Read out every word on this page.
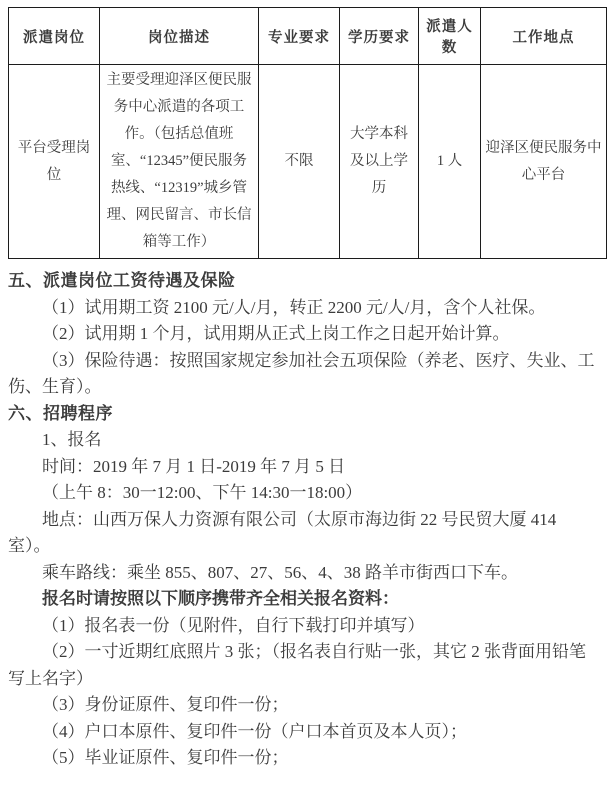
派遣岗位	岗位描述	专业要求	学历要求	派遣人数	工作地点
平台受理岗位	主要受理迎泽区便民服务中心派遣的各项工作。（包括总值班室、“12345”便民服务热线、“12319”城乡管理、网民留言、市长信箱等工作）	不限	大学本科及以上学历	1 人	迎泽区便民服务中心平台

五、派遣岗位工资待遇及保险

（1）试用期工资 2100 元/人/月，转正 2200 元/人/月，含个人社保。

（2）试用期 1 个月，试用期从正式上岗工作之日起开始计算。

（3）保险待遇：按照国家规定参加社会五项保险（养老、医疗、失业、工伤、生育）。

六、招聘程序

1、报名

时间：2019 年 7 月 1 日-2019 年 7 月 5 日

（上午 8：30一12:00、下午 14:30一18:00）

地点：山西万保人力资源有限公司（太原市海边街 22 号民贸大厦 414 室）。

乘车路线：乘坐 855、807、27、56、4、38 路羊市街西口下车。

报名时请按照以下顺序携带齐全相关报名资料：

（1）报名表一份（见附件，自行下载打印并填写）

（2）一寸近期红底照片 3 张；（报名表自行贴一张，其它 2 张背面用铅笔写上名字）

（3）身份证原件、复印件一份；

（4）户口本原件、复印件一份（户口本首页及本人页）；

（5）毕业证原件、复印件一份；
